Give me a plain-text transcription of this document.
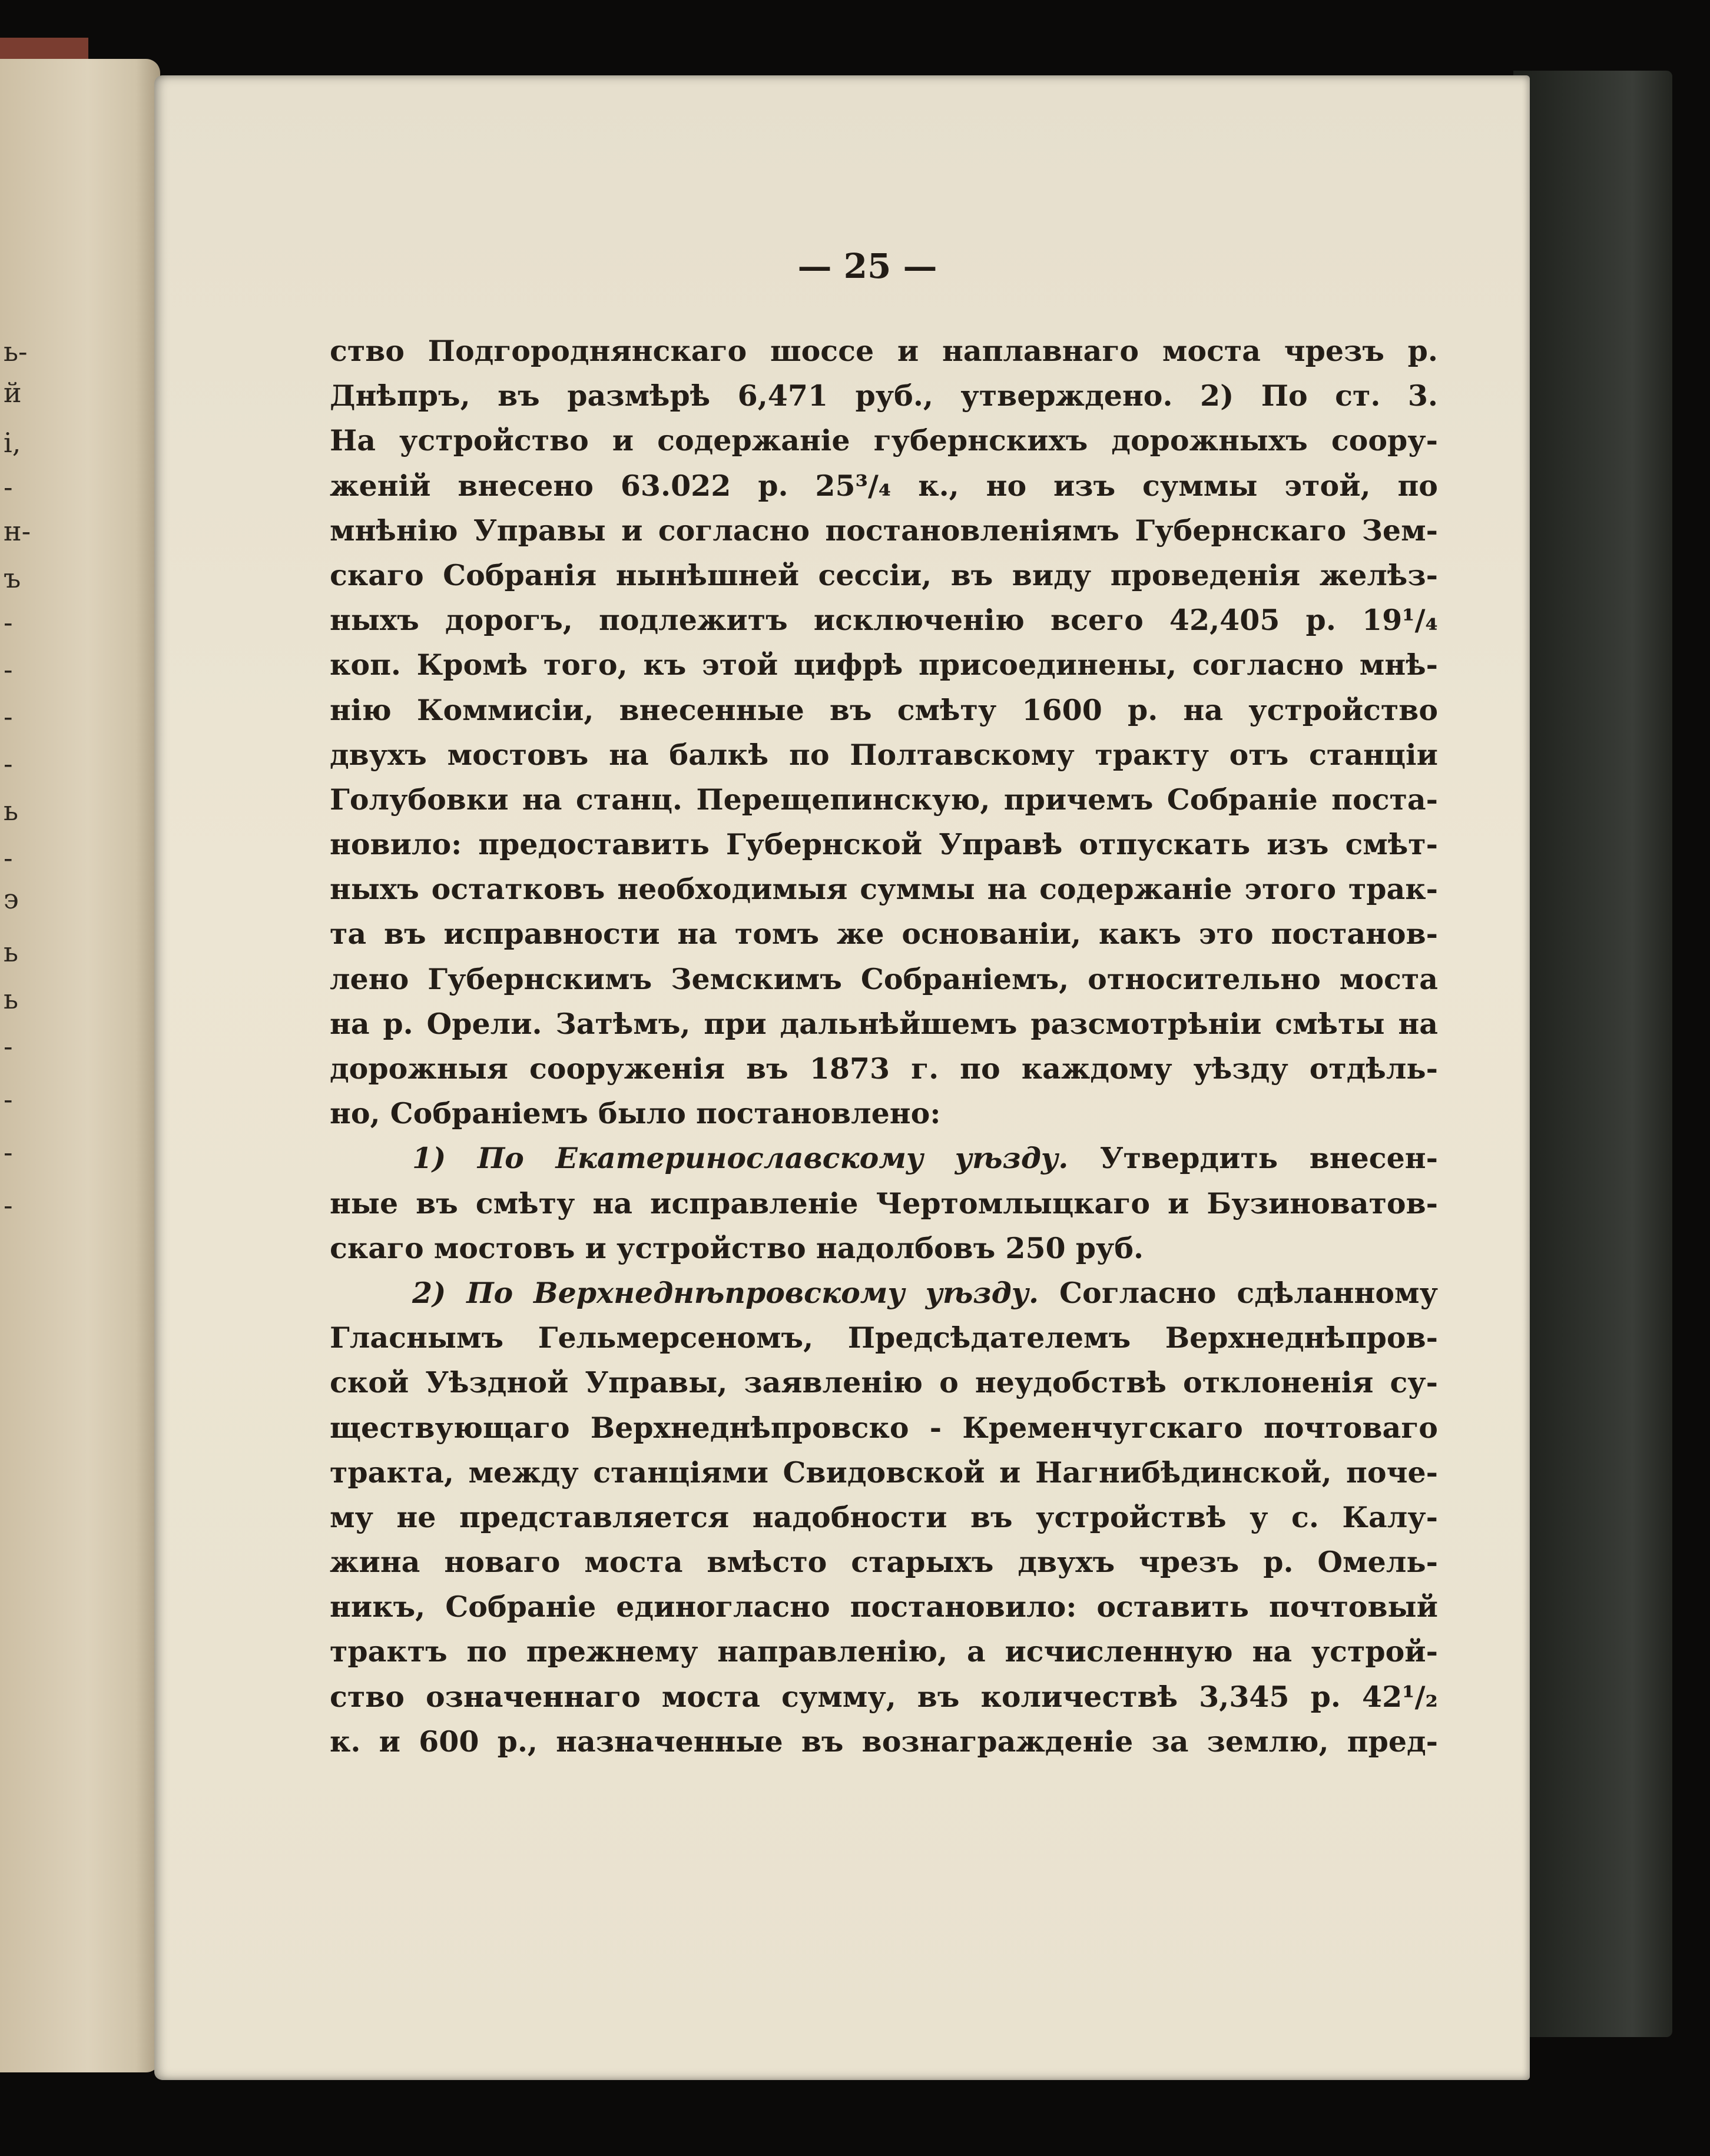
ь-
й
і,
-
н-
ъ
-
-
-
-
ь
-
э
ь
ь
-
-
-
-
— 25 —
ство Подгороднянскаго шоссе и наплавнаго моста чрезъ р.
Днѣпръ, въ размѣрѣ 6,471 руб., утверждено. 2) По ст. 3.
На устройство и содержаніе губернскихъ дорожныхъ соору-
женій внесено 63.022 р. 25³/₄ к., но изъ суммы этой, по
мнѣнію Управы и согласно постановленіямъ Губернскаго Зем-
скаго Собранія нынѣшней сессіи, въ виду проведенія желѣз-
ныхъ дорогъ, подлежитъ исключенію всего 42,405 р. 19¹/₄
коп. Кромѣ того, къ этой цифрѣ присоединены, согласно мнѣ-
нію Коммисіи, внесенные въ смѣту 1600 р. на устройство
двухъ мостовъ на балкѣ по Полтавскому тракту отъ станціи
Голубовки на станц. Перещепинскую, причемъ Собраніе поста-
новило: предоставить Губернской Управѣ отпускать изъ смѣт-
ныхъ остатковъ необходимыя суммы на содержаніе этого трак-
та въ исправности на томъ же основаніи, какъ это постанов-
лено Губернскимъ Земскимъ Собраніемъ, относительно моста
на р. Орели. Затѣмъ, при дальнѣйшемъ разсмотрѣніи смѣты на
дорожныя сооруженія въ 1873 г. по каждому уѣзду отдѣль-
но, Собраніемъ было постановлено:
1) По Екатеринославскому уѣзду. Утвердить внесен-
ные въ смѣту на исправленіе Чертомлыцкаго и Бузиноватов-
скаго мостовъ и устройство надолбовъ 250 руб.
2) По Верхнеднѣпровскому уѣзду. Согласно сдѣланному
Гласнымъ Гельмерсеномъ, Предсѣдателемъ Верхнеднѣпров-
ской Уѣздной Управы, заявленію о неудобствѣ отклоненія су-
ществующаго Верхнеднѣпровско - Кременчугскаго почтоваго
тракта, между станціями Свидовской и Нагнибѣдинской, поче-
му не представляется надобности въ устройствѣ у с. Калу-
жина новаго моста вмѣсто старыхъ двухъ чрезъ р. Омель-
никъ, Собраніе единогласно постановило: оставить почтовый
трактъ по прежнему направленію, а исчисленную на устрой-
ство означеннаго моста сумму, въ количествѣ 3,345 р. 42¹/₂
к. и 600 р., назначенные въ вознагражденіе за землю, пред-
